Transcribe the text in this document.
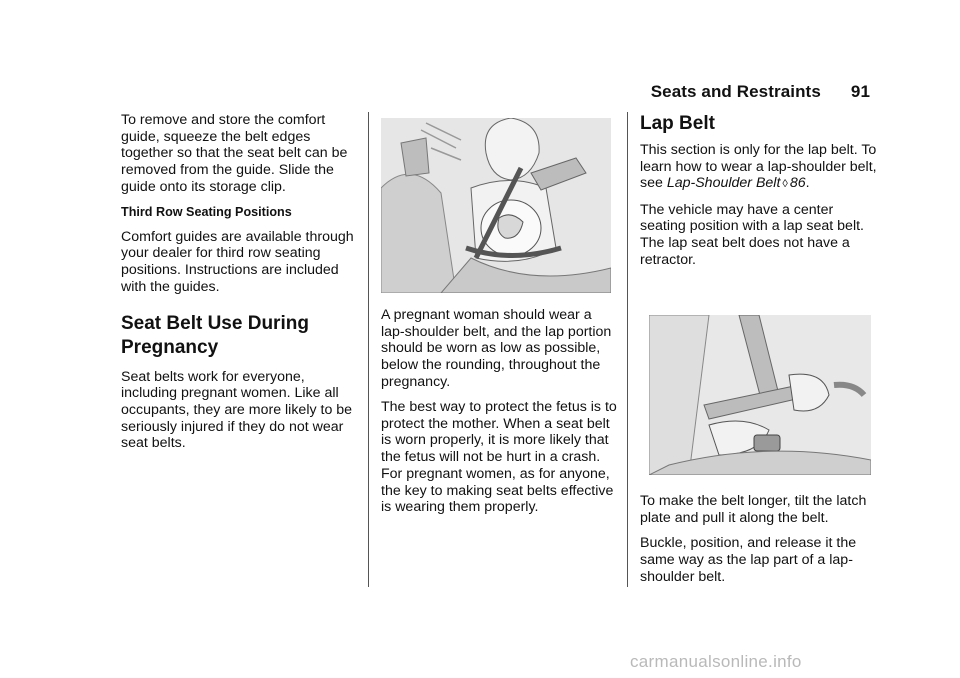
Seats and Restraints 91

To remove and store the comfort guide, squeeze the belt edges together so that the seat belt can be removed from the guide. Slide the guide onto its storage clip.

Third Row Seating Positions

Comfort guides are available through your dealer for third row seating positions. Instructions are included with the guides.

Seat Belt Use During Pregnancy

Seat belts work for everyone, including pregnant women. Like all occupants, they are more likely to be seriously injured if they do not wear seat belts.

A pregnant woman should wear a lap-shoulder belt, and the lap portion should be worn as low as possible, below the rounding, throughout the pregnancy.

The best way to protect the fetus is to protect the mother. When a seat belt is worn properly, it is more likely that the fetus will not be hurt in a crash. For pregnant women, as for anyone, the key to making seat belts effective is wearing them properly.

Lap Belt

This section is only for the lap belt. To learn how to wear a lap-shoulder belt, see Lap-Shoulder Belt ◊ 86.

The vehicle may have a center seating position with a lap seat belt. The lap seat belt does not have a retractor.

To make the belt longer, tilt the latch plate and pull it along the belt.

Buckle, position, and release it the same way as the lap part of a lap-shoulder belt.

carmanualsonline.info
